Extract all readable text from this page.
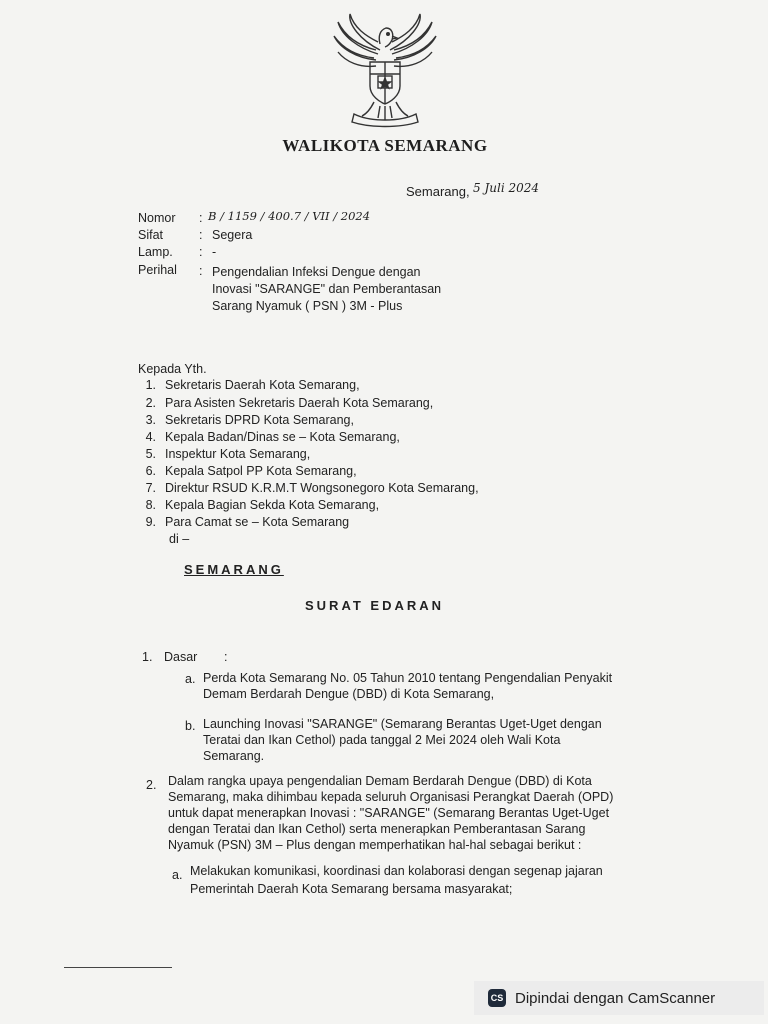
WALIKOTA SEMARANG
Semarang, 5 Juli 2024
Nomor : B / 1159 / 400.7 / VII / 2024
Sifat	: Segera
Lamp. : -
Perihal : Pengendalian Infeksi Dengue dengan
Inovasi "SARANGE" dan Pemberantasan
Sarang Nyamuk ( PSN ) 3M - Plus
Kepada Yth.
1. Sekretaris Daerah Kota Semarang,
2. Para Asisten Sekretaris Daerah Kota Semarang,
3. Sekretaris DPRD Kota Semarang,
4. Kepala Badan/Dinas se – Kota Semarang,
5. Inspektur Kota Semarang,
6. Kepala Satpol PP Kota Semarang,
7. Direktur RSUD K.R.M.T Wongsonegoro Kota Semarang,
8. Kepala Bagian Sekda Kota Semarang,
9. Para Camat se – Kota Semarang
di –
SEMARANG
SURAT EDARAN
1. Dasar :
a. Perda Kota Semarang No. 05 Tahun 2010 tentang Pengendalian Penyakit
Demam Berdarah Dengue (DBD) di Kota Semarang,
b. Launching Inovasi "SARANGE" (Semarang Berantas Uget-Uget dengan
Teratai dan Ikan Cethol) pada tanggal 2 Mei 2024 oleh Wali Kota
Semarang.
2. Dalam rangka upaya pengendalian Demam Berdarah Dengue (DBD) di Kota
Semarang, maka dihimbau kepada seluruh Organisasi Perangkat Daerah (OPD)
untuk dapat menerapkan Inovasi : "SARANGE" (Semarang Berantas Uget-Uget
dengan Teratai dan Ikan Cethol) serta menerapkan Pemberantasan Sarang
Nyamuk (PSN) 3M – Plus dengan memperhatikan hal-hal sebagai berikut :
a. Melakukan komunikasi, koordinasi dan kolaborasi dengan segenap jajaran
Pemerintah Daerah Kota Semarang bersama masyarakat;
CS Dipindai dengan CamScanner
